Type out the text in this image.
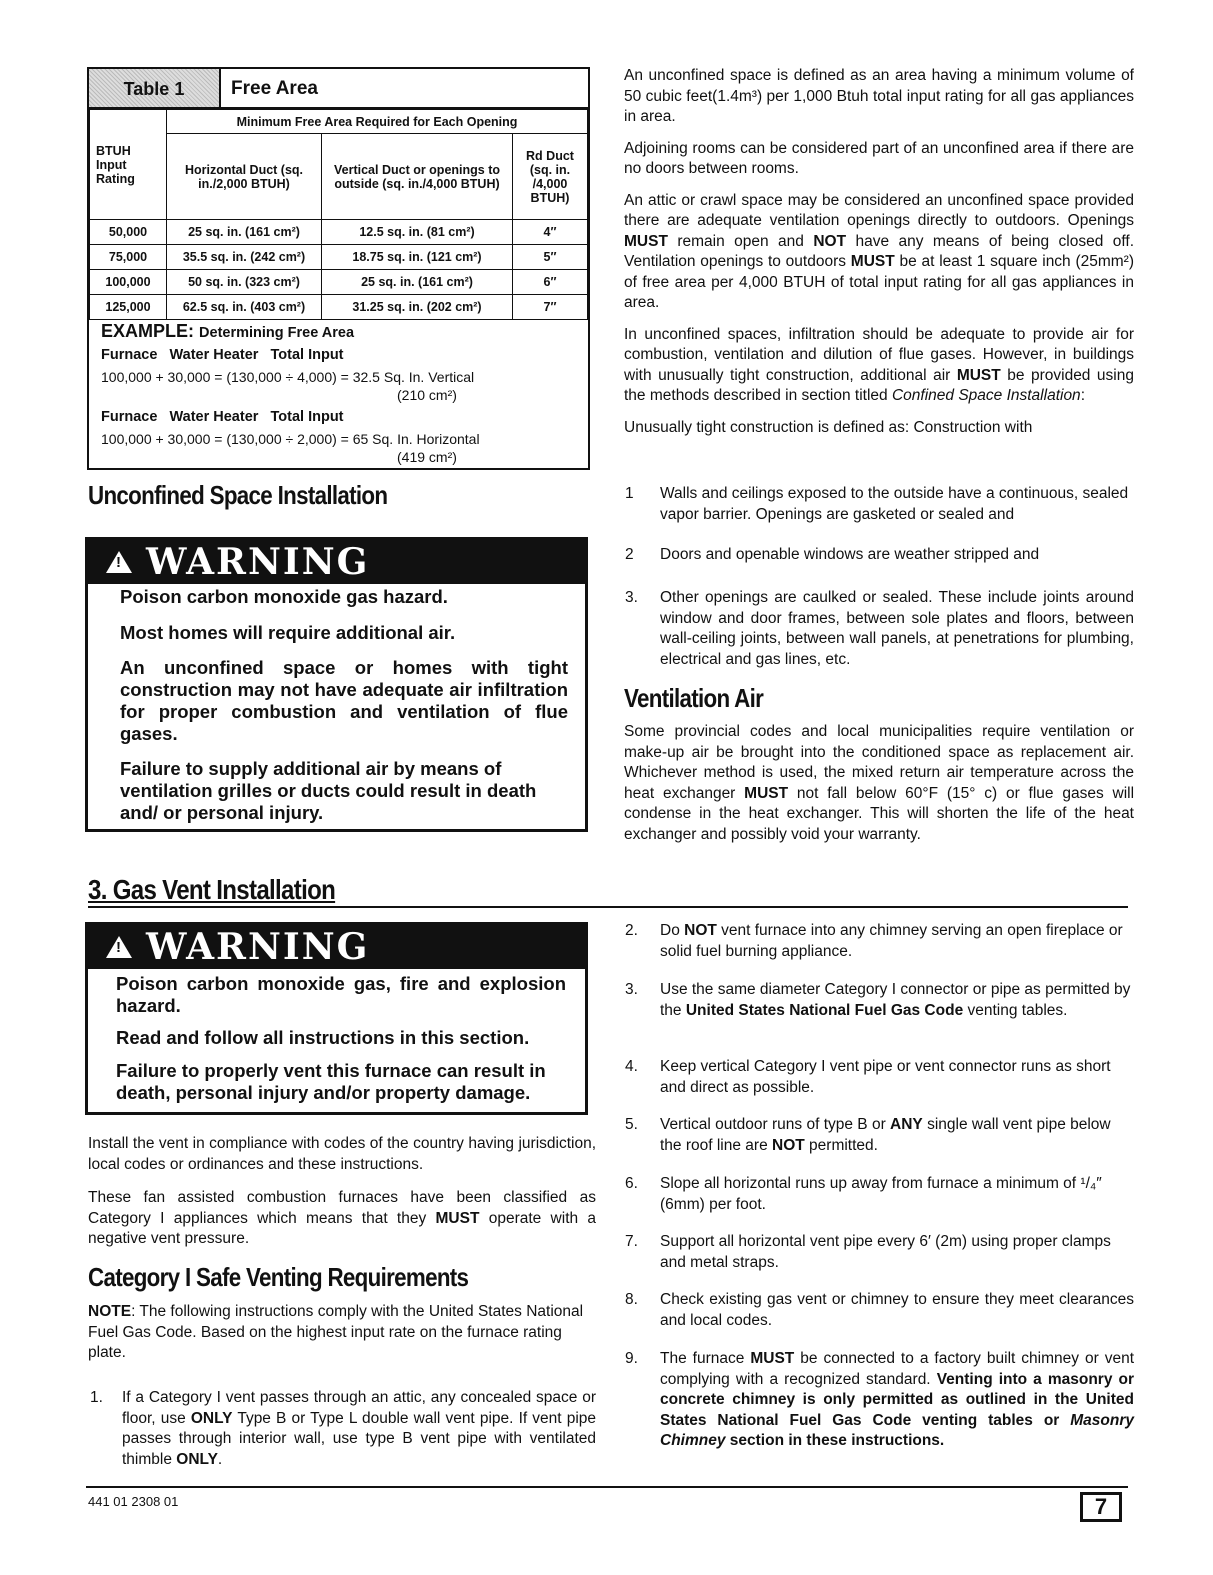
Table 1	Free Area
BTUH Input Rating	Minimum Free Area Required for Each Opening		
	Horizontal Duct (sq. in./2,000 BTUH)	Vertical Duct or openings to outside (sq. in./4,000 BTUH)	Rd Duct (sq. in. /4,000 BTUH)
50,000	25 sq. in. (161 cm²)	12.5 sq. in. (81 cm²)	4″
75,000	35.5 sq. in. (242 cm²)	18.75 sq. in. (121 cm²)	5″
100,000	50 sq. in. (323 cm²)	25 sq. in. (161 cm²)	6″
125,000	62.5 sq. in. (403 cm²)	31.25 sq. in. (202 cm²)	7″
EXAMPLE: Determining Free Area
Furnace   Water Heater   Total Input
100,000 + 30,000 = (130,000 ÷ 4,000) = 32.5 Sq. In. Vertical
(210 cm²)
Furnace   Water Heater   Total Input
100,000 + 30,000 = (130,000 ÷ 2,000) = 65 Sq. In. Horizontal
(419 cm²)
Unconfined Space Installation
!
WARNING

Poison carbon monoxide gas hazard.

Most homes will require additional air.

An unconfined space or homes with tight construction may not have adequate air infiltration for proper combustion and ventilation of flue gases.

Failure to supply additional air by means of ventilation grilles or ducts could result in death and/ or personal injury.

An unconfined space is defined as an area having a minimum volume of 50 cubic feet(1.4m³) per 1,000 Btuh total input rating for all gas appliances in area.

Adjoining rooms can be considered part of an unconfined area if there are no doors between rooms.

An attic or crawl space may be considered an unconfined space provided there are adequate ventilation openings directly to outdoors. Openings MUST remain open and NOT have any means of being closed off. Ventilation openings to outdoors MUST be at least 1 square inch (25mm²) of free area per 4,000 BTUH of total input rating for all gas appliances in area.

In unconfined spaces, infiltration should be adequate to provide air for combustion, ventilation and dilution of flue gases. However, in buildings with unusually tight construction, additional air MUST be provided using the methods described in section titled Confined Space Installation:

Unusually tight construction is defined as: Construction with

1 Walls and ceilings exposed to the outside have a continuous, sealed vapor barrier. Openings are gasketed or sealed and

2 Doors and openable windows are weather stripped and

3. Other openings are caulked or sealed. These include joints around window and door frames, between sole plates and floors, between wall-ceiling joints, between wall panels, at penetrations for plumbing, electrical and gas lines, etc.

Ventilation Air

Some provincial codes and local municipalities require ventilation or make-up air be brought into the conditioned space as replacement air. Whichever method is used, the mixed return air temperature across the heat exchanger MUST not fall below 60°F (15° c) or flue gases will condense in the heat exchanger. This will shorten the life of the heat exchanger and possibly void your warranty.

3. Gas Vent Installation
!
WARNING

Poison carbon monoxide gas, fire and explosion hazard.

Read and follow all instructions in this section.

Failure to properly vent this furnace can result in death, personal injury and/or property damage.

Install the vent in compliance with codes of the country having jurisdiction, local codes or ordinances and these instructions.

These fan assisted combustion furnaces have been classified as Category I appliances which means that they MUST operate with a negative vent pressure.

Category I Safe Venting Requirements

NOTE: The following instructions comply with the United States National Fuel Gas Code. Based on the highest input rate on the furnace rating plate.

1. If a Category I vent passes through an attic, any concealed space or floor, use ONLY Type B or Type L double wall vent pipe. If vent pipe passes through interior wall, use type B vent pipe with ventilated thimble ONLY.

2. Do NOT vent furnace into any chimney serving an open fireplace or solid fuel burning appliance.

3. Use the same diameter Category I connector or pipe as permitted by the United States National Fuel Gas Code venting tables.

4. Keep vertical Category I vent pipe or vent connector runs as short and direct as possible.

5. Vertical outdoor runs of type B or ANY single wall vent pipe below the roof line are NOT permitted.

6. Slope all horizontal runs up away from furnace a minimum of ¹/₄″ (6mm) per foot.

7. Support all horizontal vent pipe every 6′ (2m) using proper clamps and metal straps.

8. Check existing gas vent or chimney to ensure they meet clearances and local codes.

9. The furnace MUST be connected to a factory built chimney or vent complying with a recognized standard. Venting into a masonry or concrete chimney is only permitted as outlined in the United States National Fuel Gas Code venting tables or Masonry Chimney section in these instructions.

441 01 2308 01	7
